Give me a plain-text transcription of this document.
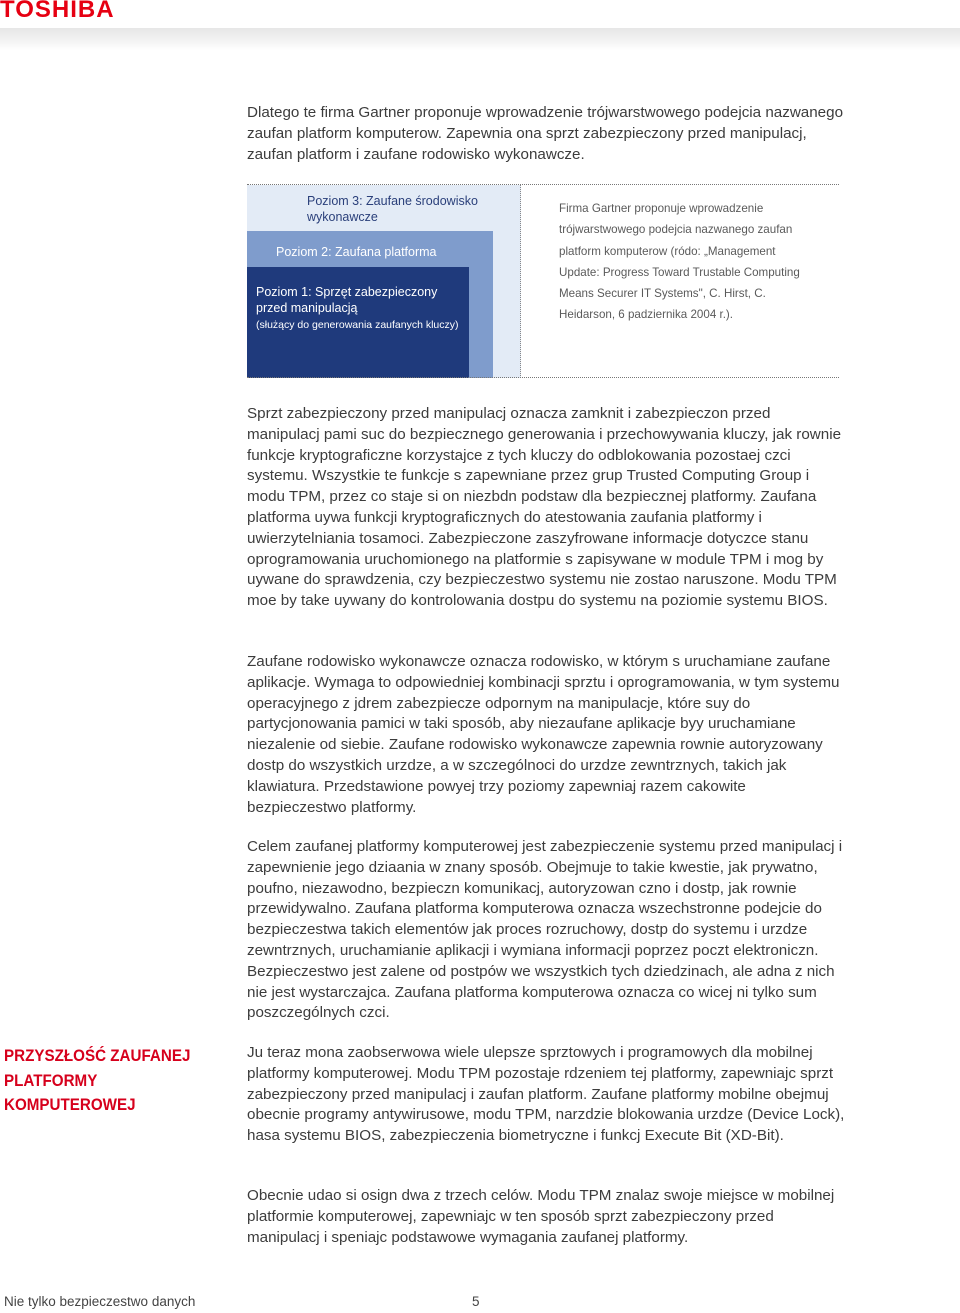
TOSHIBA

Dlatego te firma Gartner proponuje wprowadzenie trójwarstwowego podejcia nazwanego zaufan platform komputerow. Zapewnia ona sprzt zabezpieczony przed manipulacj, zaufan platform i zaufane rodowisko wykonawcze.

Poziom 3: Zaufane środowisko wykonawcze
Poziom 2: Zaufana platforma
Poziom 1: Sprzęt zabezpieczony przed manipulacją
(służący do generowania zaufanych kluczy)

Firma Gartner proponuje wprowadzenie trójwarstwowego podejcia nazwanego zaufan platform komputerow (ródo: „Management Update: Progress Toward Trustable Computing Means Securer IT Systems", C. Hirst, C. Heidarson, 6 padziernika 2004 r.).

Sprzt zabezpieczony przed manipulacj oznacza zamknit i zabezpieczon przed manipulacj pami suc do bezpiecznego generowania i przechowywania kluczy, jak rownie funkcje kryptograficzne korzystajce z tych kluczy do odblokowania pozostaej czci systemu. Wszystkie te funkcje s zapewniane przez grup Trusted Computing Group i modu TPM, przez co staje si on niezbdn podstaw dla bezpiecznej platformy. Zaufana platforma uywa funkcji kryptograficznych do atestowania zaufania platformy i uwierzytelniania tosamoci. Zabezpieczone zaszyfrowane informacje dotyczce stanu oprogramowania uruchomionego na platformie s zapisywane w module TPM i mog by uywane do sprawdzenia, czy bezpieczestwo systemu nie zostao naruszone. Modu TPM moe by take uywany do kontrolowania dostpu do systemu na poziomie systemu BIOS.

Zaufane rodowisko wykonawcze oznacza rodowisko, w którym s uruchamiane zaufane aplikacje. Wymaga to odpowiedniej kombinacji sprztu i oprogramowania, w tym systemu operacyjnego z jdrem zabezpiecze odpornym na manipulacje, które suy do partycjonowania pamici w taki sposób, aby niezaufane aplikacje byy uruchamiane niezalenie od siebie. Zaufane rodowisko wykonawcze zapewnia rownie autoryzowany dostp do wszystkich urzdze, a w szczególnoci do urzdze zewntrznych, takich jak klawiatura. Przedstawione powyej trzy poziomy zapewniaj razem cakowite bezpieczestwo platformy.

Celem zaufanej platformy komputerowej jest zabezpieczenie systemu przed manipulacj i zapewnienie jego dziaania w znany sposób. Obejmuje to takie kwestie, jak prywatno, poufno, niezawodno, bezpieczn komunikacj, autoryzowan czno i dostp, jak rownie przewidywalno. Zaufana platforma komputerowa oznacza wszechstronne podejcie do bezpieczestwa takich elementów jak proces rozruchowy, dostp do systemu i urzdze zewntrznych, uruchamianie aplikacji i wymiana informacji poprzez poczt elektroniczn. Bezpieczestwo jest zalene od postpów we wszystkich tych dziedzinach, ale adna z nich nie jest wystarczajca. Zaufana platforma komputerowa oznacza co wicej ni tylko sum poszczególnych czci.

PRZYSZŁOŚĆ ZAUFANEJ PLATFORMY KOMPUTEROWEJ

Ju teraz mona zaobserwowa wiele ulepsze sprztowych i programowych dla mobilnej platformy komputerowej. Modu TPM pozostaje rdzeniem tej platformy, zapewniajc sprzt zabezpieczony przed manipulacj i zaufan platform. Zaufane platformy mobilne obejmuj obecnie programy antywirusowe, modu TPM, narzdzie blokowania urzdze (Device Lock), hasa systemu BIOS, zabezpieczenia biometryczne i funkcj Execute Bit (XD-Bit).

Obecnie udao si osign dwa z trzech celów. Modu TPM znalaz swoje miejsce w mobilnej platformie komputerowej, zapewniajc w ten sposób sprzt zabezpieczony przed manipulacj i speniajc podstawowe wymagania zaufanej platformy.

Nie tylko bezpieczestwo danych	5
